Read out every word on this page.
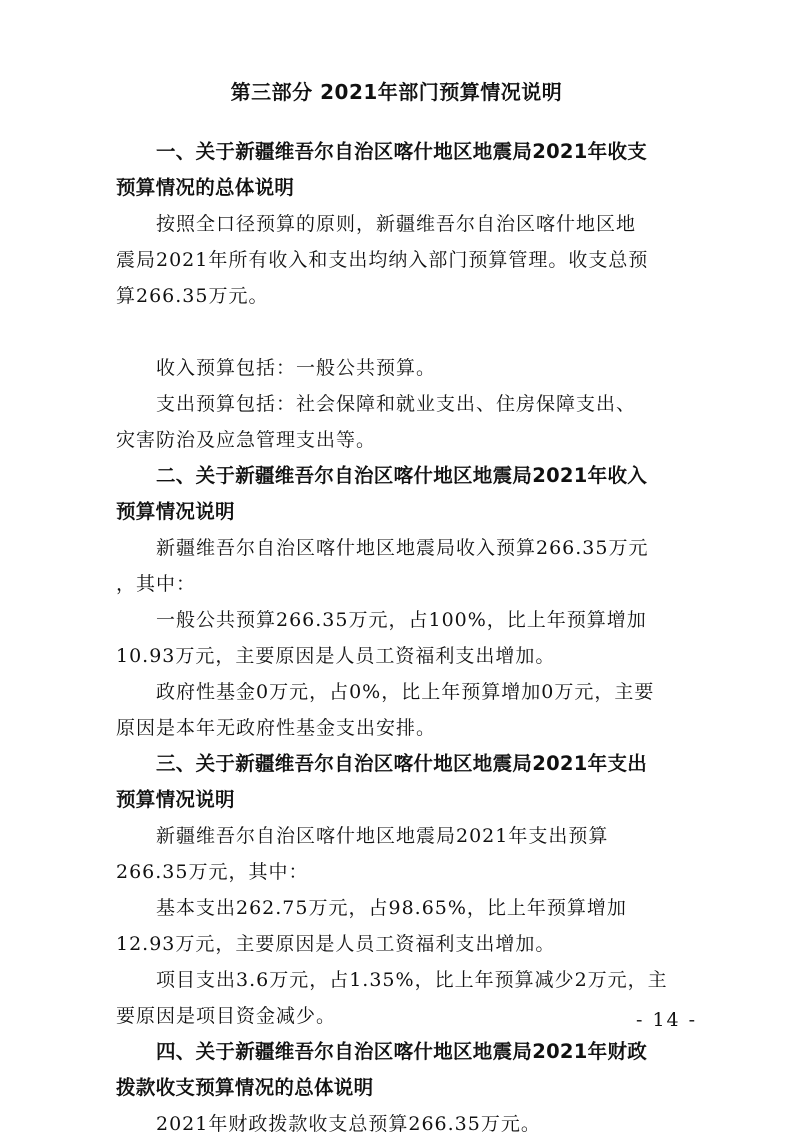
第三部分 2021年部门预算情况说明
一、关于新疆维吾尔自治区喀什地区地震局2021年收支
预算情况的总体说明
按照全口径预算的原则，新疆维吾尔自治区喀什地区地
震局2021年所有收入和支出均纳入部门预算管理。收支总预
算266.35万元。
收入预算包括：一般公共预算。
支出预算包括：社会保障和就业支出、住房保障支出、
灾害防治及应急管理支出等。
二、关于新疆维吾尔自治区喀什地区地震局2021年收入
预算情况说明
新疆维吾尔自治区喀什地区地震局收入预算266.35万元
，其中：
一般公共预算266.35万元，占100%，比上年预算增加
10.93万元，主要原因是人员工资福利支出增加。
政府性基金0万元，占0%，比上年预算增加0万元，主要
原因是本年无政府性基金支出安排。
三、关于新疆维吾尔自治区喀什地区地震局2021年支出
预算情况说明
新疆维吾尔自治区喀什地区地震局2021年支出预算
266.35万元，其中：
基本支出262.75万元，占98.65%，比上年预算增加
12.93万元，主要原因是人员工资福利支出增加。
项目支出3.6万元，占1.35%，比上年预算减少2万元，主
要原因是项目资金减少。
四、关于新疆维吾尔自治区喀什地区地震局2021年财政
拨款收支预算情况的总体说明
2021年财政拨款收支总预算266.35万元。
- 14 -
